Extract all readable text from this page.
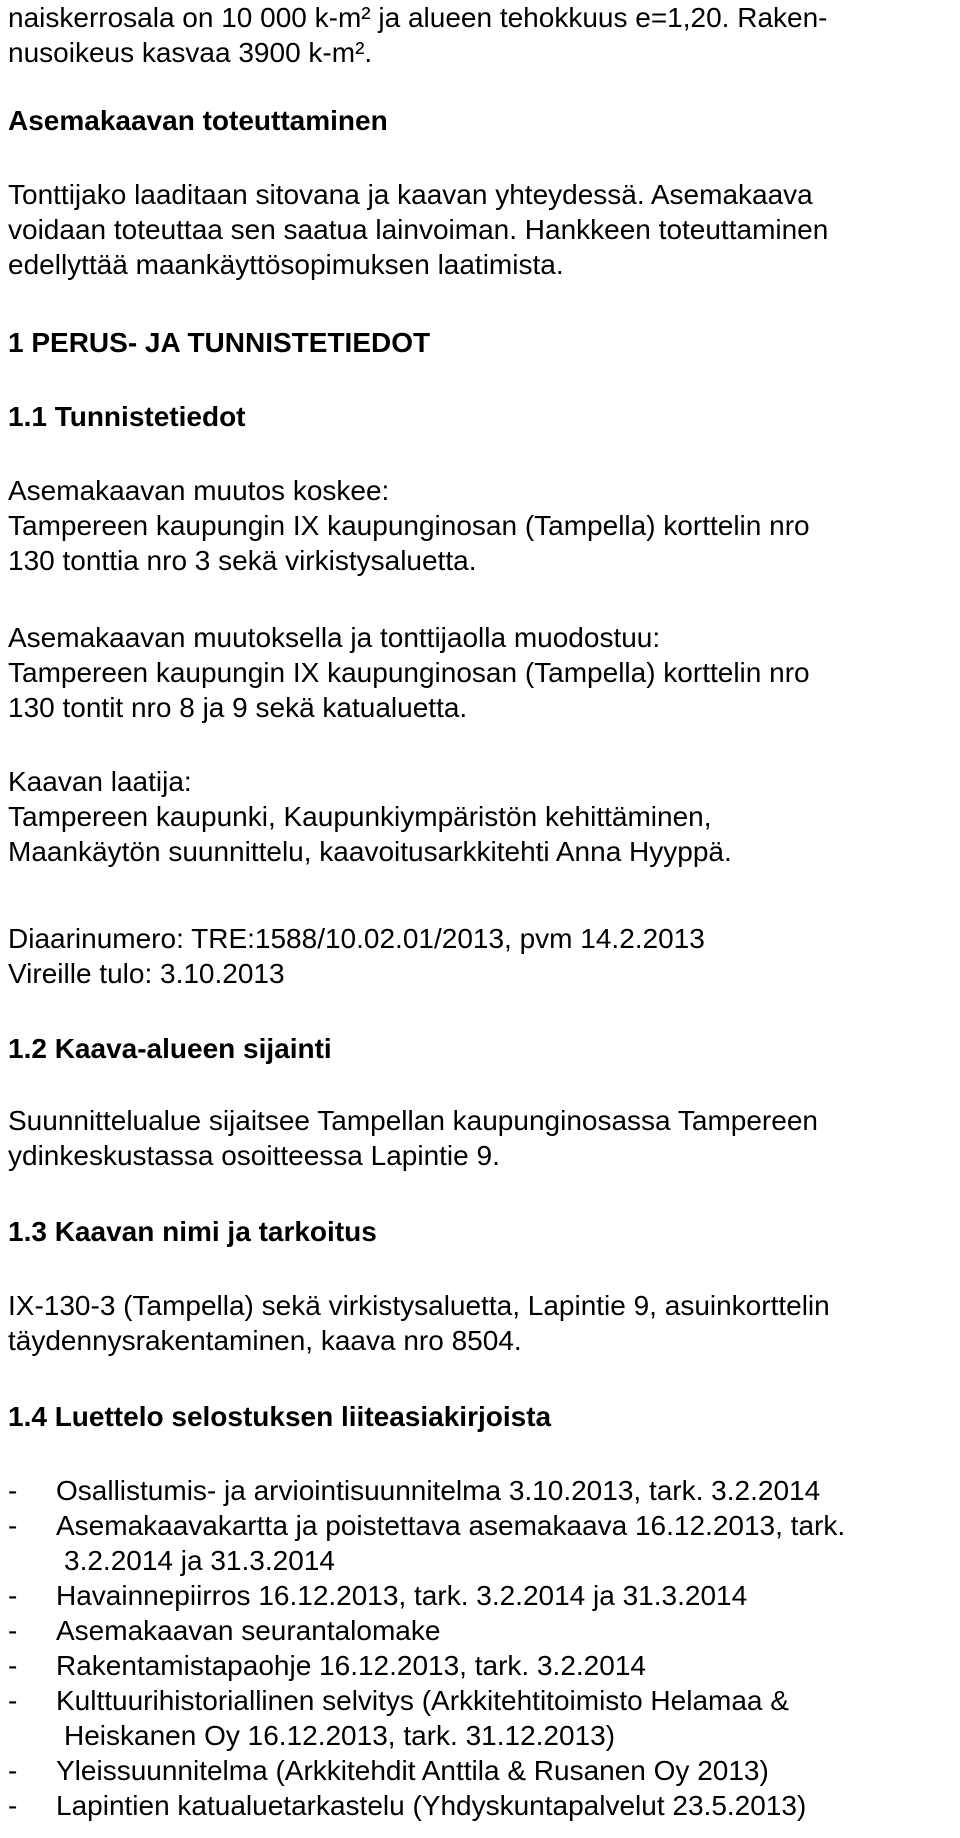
naiskerrosala on 10 000 k-m² ja alueen tehokkuus e=1,20. Raken-

nusoikeus kasvaa 3900 k-m².

Asemakaavan toteuttaminen

Tonttijako laaditaan sitovana ja kaavan yhteydessä. Asemakaava

voidaan toteuttaa sen saatua lainvoiman. Hankkeen toteuttaminen

edellyttää maankäyttösopimuksen laatimista.

1 PERUS- JA TUNNISTETIEDOT
1.1 Tunnistetiedot

Asemakaavan muutos koskee:

Tampereen kaupungin IX kaupunginosan (Tampella) korttelin nro

130 tonttia nro 3 sekä virkistysaluetta.

Asemakaavan muutoksella ja tonttijaolla muodostuu:

Tampereen kaupungin IX kaupunginosan (Tampella) korttelin nro

130 tontit nro 8 ja 9 sekä katualuetta.

Kaavan laatija:

Tampereen kaupunki, Kaupunkiympäristön kehittäminen,

Maankäytön suunnittelu, kaavoitusarkkitehti Anna Hyyppä.

Diaarinumero: TRE:1588/10.02.01/2013, pvm 14.2.2013

Vireille tulo: 3.10.2013

1.2 Kaava-alueen sijainti

Suunnittelualue sijaitsee Tampellan kaupunginosassa Tampereen

ydinkeskustassa osoitteessa Lapintie 9.

1.3 Kaavan nimi ja tarkoitus

IX-130-3 (Tampella) sekä virkistysaluetta, Lapintie 9, asuinkorttelin

täydennysrakentaminen, kaava nro 8504.

1.4 Luettelo selostuksen liiteasiakirjoista
- Osallistumis- ja arviointisuunnitelma 3.10.2013, tark. 3.2.2014
- Asemakaavakartta ja poistettava asemakaava 16.12.2013, tark.
3.2.2014 ja 31.3.2014
- Havainnepiirros 16.12.2013, tark. 3.2.2014 ja 31.3.2014
- Asemakaavan seurantalomake
- Rakentamistapaohje 16.12.2013, tark. 3.2.2014
- Kulttuurihistoriallinen selvitys (Arkkitehtitoimisto Helamaa &
Heiskanen Oy 16.12.2013, tark. 31.12.2013)
- Yleissuunnitelma (Arkkitehdit Anttila & Rusanen Oy 2013)
- Lapintien katualuetarkastelu (Yhdyskuntapalvelut 23.5.2013)
